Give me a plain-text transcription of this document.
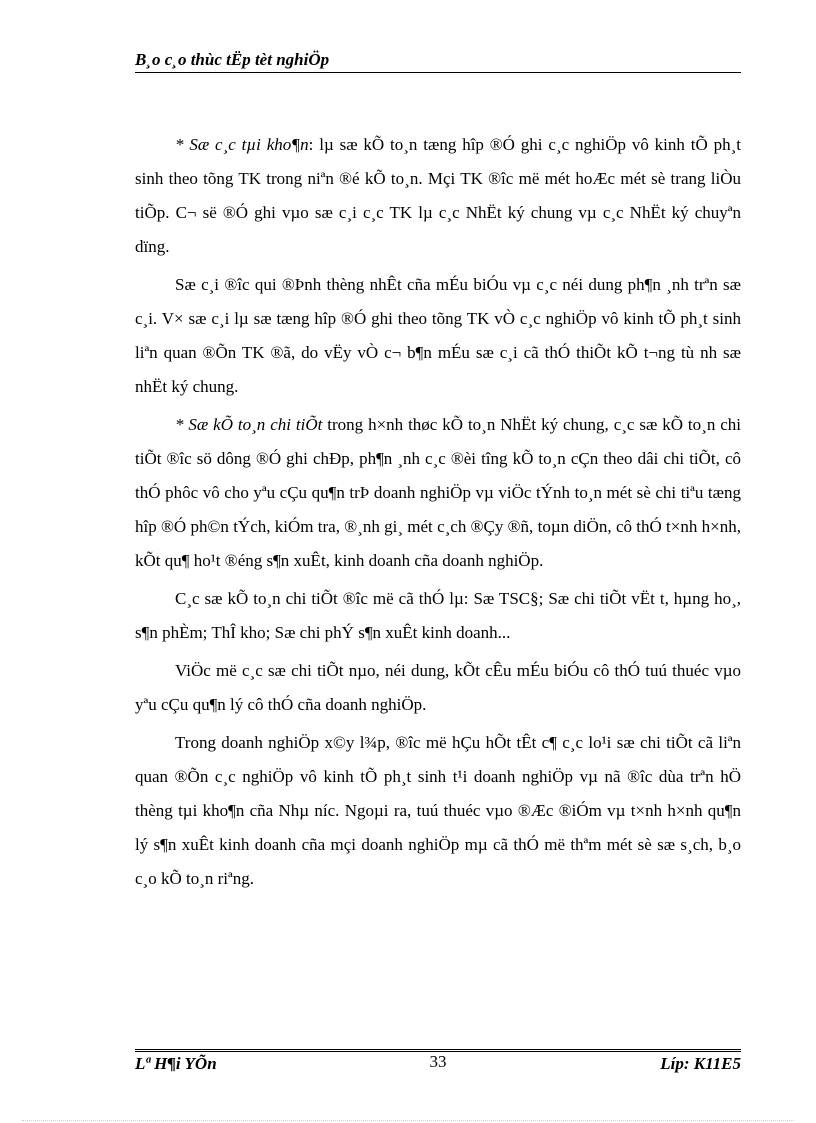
B¸o c¸o thùc tËp tèt nghiÖp

* Sæ c¸c tµi kho¶n: lµ sæ kÕ to¸n tæng hîp ®Ó ghi c¸c nghiÖp vô kinh tÕ ph¸t sinh theo tõng TK trong niªn ®é kÕ to¸n. Mçi TK ®îc më mét hoÆc mét sè trang liÒu tiÕp. C¬ së ®Ó ghi vµo sæ c¸i c¸c TK lµ c¸c NhËt ký chung vµ c¸c NhËt ký chuyªn dïng.

Sæ c¸i ®îc qui ®Þnh thèng nhÊt cña mÉu biÓu vµ c¸c néi dung ph¶n ¸nh trªn sæ c¸i. V× sæ c¸i lµ sæ tæng hîp ®Ó ghi theo tõng TK vÒ c¸c nghiÖp vô kinh tÕ ph¸t sinh liªn quan ®Õn TK ®ã, do vËy vÒ c¬ b¶n mÉu sæ c¸i cã thÓ thiÕt kÕ t¬ng tù nh sæ nhËt ký chung.

* Sæ kÕ to¸n chi tiÕt trong h×nh thøc kÕ to¸n NhËt ký chung, c¸c sæ kÕ to¸n chi tiÕt ®îc sö dông ®Ó ghi chÐp, ph¶n ¸nh c¸c ®èi tîng kÕ to¸n cÇn theo dâi chi tiÕt, cô thÓ phôc vô cho yªu cÇu qu¶n trÞ doanh nghiÖp vµ viÖc tÝnh to¸n mét sè chi tiªu tæng hîp ®Ó ph©n tÝch, kiÓm tra, ®¸nh gi¸ mét c¸ch ®Çy ®ñ, toµn diÖn, cô thÓ t×nh h×nh, kÕt qu¶ ho¹t ®éng s¶n xuÊt, kinh doanh cña doanh nghiÖp.

C¸c sæ kÕ to¸n chi tiÕt ®îc më cã thÓ lµ: Sæ TSC§; Sæ chi tiÕt vËt t, hµng ho¸, s¶n phÈm; ThÎ kho; Sæ chi phÝ s¶n xuÊt kinh doanh...

ViÖc më c¸c sæ chi tiÕt nµo, néi dung, kÕt cÊu mÉu biÓu cô thÓ tuú thuéc vµo yªu cÇu qu¶n lý cô thÓ cña doanh nghiÖp.

Trong doanh nghiÖp x©y l¾p, ®îc më hÇu hÕt tÊt c¶ c¸c lo¹i sæ chi tiÕt cã liªn quan ®Õn c¸c nghiÖp vô kinh tÕ ph¸t sinh t¹i doanh nghiÖp vµ nã ®îc dùa trªn hÖ thèng tµi kho¶n cña Nhµ níc. Ngoµi ra, tuú thuéc vµo ®Æc ®iÓm vµ t×nh h×nh qu¶n lý s¶n xuÊt kinh doanh cña mçi doanh nghiÖp mµ cã thÓ më thªm mét sè sæ s¸ch, b¸o c¸o kÕ to¸n riªng.

Lª H¶i YÕn	33	Líp: K11E5
